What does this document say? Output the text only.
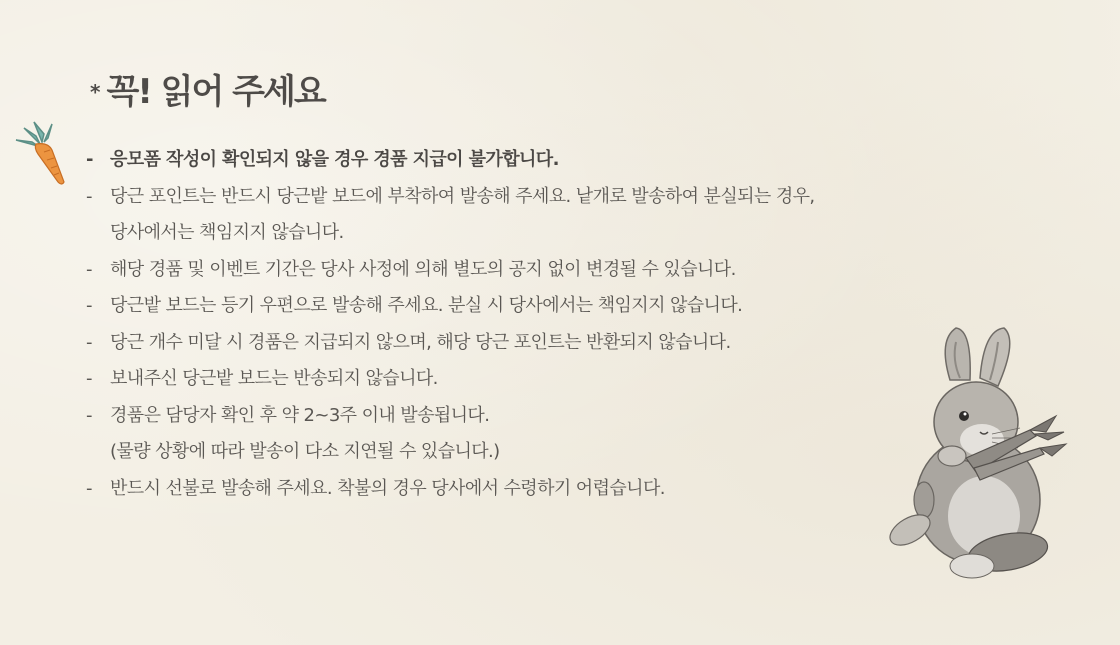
* 꼭! 읽어 주세요
- 응모폼 작성이 확인되지 않을 경우 경품 지급이 불가합니다.
- 당근 포인트는 반드시 당근밭 보드에 부착하여 발송해 주세요. 낱개로 발송하여 분실되는 경우,
당사에서는 책임지지 않습니다.
- 해당 경품 및 이벤트 기간은 당사 사정에 의해 별도의 공지 없이 변경될 수 있습니다.
- 당근밭 보드는 등기 우편으로 발송해 주세요. 분실 시 당사에서는 책임지지 않습니다.
- 당근 개수 미달 시 경품은 지급되지 않으며, 해당 당근 포인트는 반환되지 않습니다.
- 보내주신 당근밭 보드는 반송되지 않습니다.
- 경품은 담당자 확인 후 약 2~3주 이내 발송됩니다.
(물량 상황에 따라 발송이 다소 지연될 수 있습니다.)
- 반드시 선불로 발송해 주세요. 착불의 경우 당사에서 수령하기 어렵습니다.
